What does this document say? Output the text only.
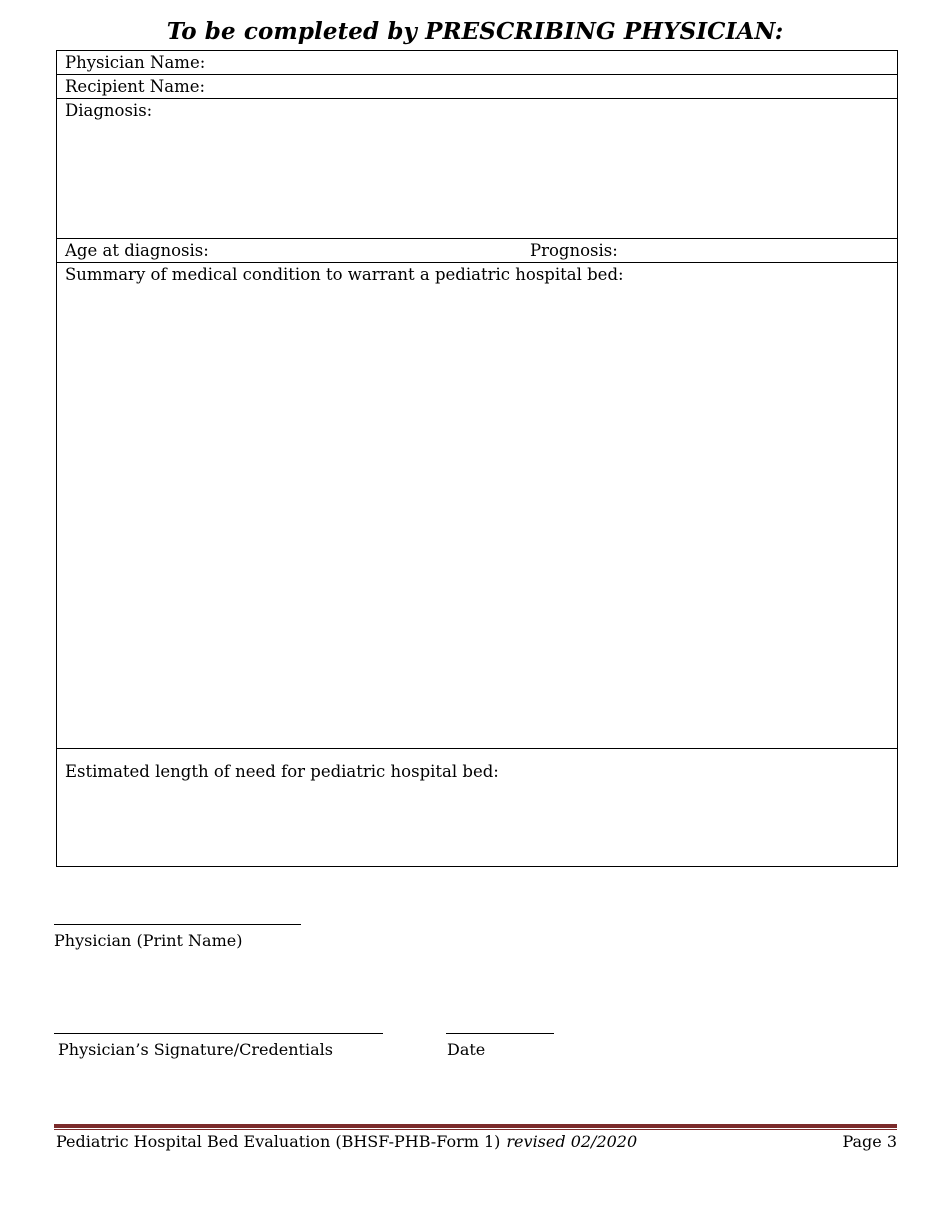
To be completed by PRESCRIBING PHYSICIAN:
Physician Name:
Recipient Name:
Diagnosis:
Age at diagnosis:	Prognosis:
Summary of medical condition to warrant a pediatric hospital bed:
Estimated length of need for pediatric hospital bed:
Physician (Print Name)
Physician’s Signature/Credentials	Date
Pediatric Hospital Bed Evaluation (BHSF-PHB-Form 1) revised 02/2020	Page 3
